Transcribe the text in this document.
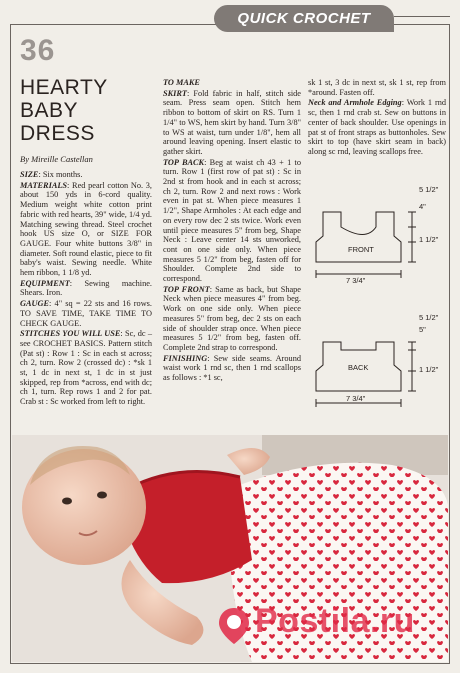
QUICK CROCHET
36
HEARTY
BABY
DRESS
By Mireille Castellan

SIZE: Six months.

MATERIALS: Red pearl cotton No. 3, about 150 yds in 6-cord quality. Medium weight white cotton print fabric with red hearts, 39" wide, 1/4 yd. Matching sewing thread. Steel crochet hook US size O, or SIZE FOR GAUGE. Four white buttons 3/8" in diameter. Soft round elastic, piece to fit baby's waist. Sewing needle. White hem ribbon, 1 1/8 yd.

EQUIPMENT: Sewing machine. Shears. Iron.

GAUGE: 4" sq = 22 sts and 16 rows. TO SAVE TIME, TAKE TIME TO CHECK GAUGE.

STITCHES YOU WILL USE: Sc, dc – see CROCHET BASICS. Pattern stitch (Pat st) : Row 1 : Sc in each st across; ch 2, turn. Row 2 (crossed dc) : *sk 1 st, 1 dc in next st, 1 dc in st just skipped, rep from *across, end with dc; ch 1, turn. Rep rows 1 and 2 for pat. Crab st : Sc worked from left to right.

TO MAKE

SKIRT: Fold fabric in half, stitch side seam. Press seam open. Stitch hem ribbon to bottom of skirt on RS. Turn 1 1/4" to WS, hem skirt by hand. Turn 3/8" to WS at waist, turn under 1/8", hem all around leaving opening. Insert elastic to gather skirt.

TOP BACK: Beg at waist ch 43 + 1 to turn. Row 1 (first row of pat st) : Sc in 2nd st from hook and in each st across; ch 2, turn. Row 2 and next rows : Work even in pat st. When piece measures 1 1/2", Shape Armholes : At each edge and on every row dec 2 sts twice. Work even until piece measures 5" from beg, Shape Neck : Leave center 14 sts unworked, cont on one side only. When piece measures 5 1/2" from beg, fasten off for Shoulder. Complete 2nd side to correspond.

TOP FRONT: Same as back, but Shape Neck when piece measures 4" from beg. Work on one side only. When piece measures 5" from beg, dec 2 sts on each side of shoulder strap once. When piece measures 5 1/2" from beg, fasten off. Complete 2nd strap to correspond.

FINISHING: Sew side seams. Around waist work 1 rnd sc, then 1 rnd scallops as follows : *1 sc,

sk 1 st, 3 dc in next st, sk 1 st, rep from *around. Fasten off.

Neck and Armhole Edging: Work 1 rnd sc, then 1 rnd crab st. Sew on buttons in center of back shoulder. Use openings in pat st of front straps as buttonholes. Sew skirt to top (have skirt seam in back) along sc rnd, leaving scallops free.

FRONT
5 1/2"
4"
1 1/2"
7 3/4"
BACK
5 1/2"
5"
1 1/2"
7 3/4"
Postila.ru
